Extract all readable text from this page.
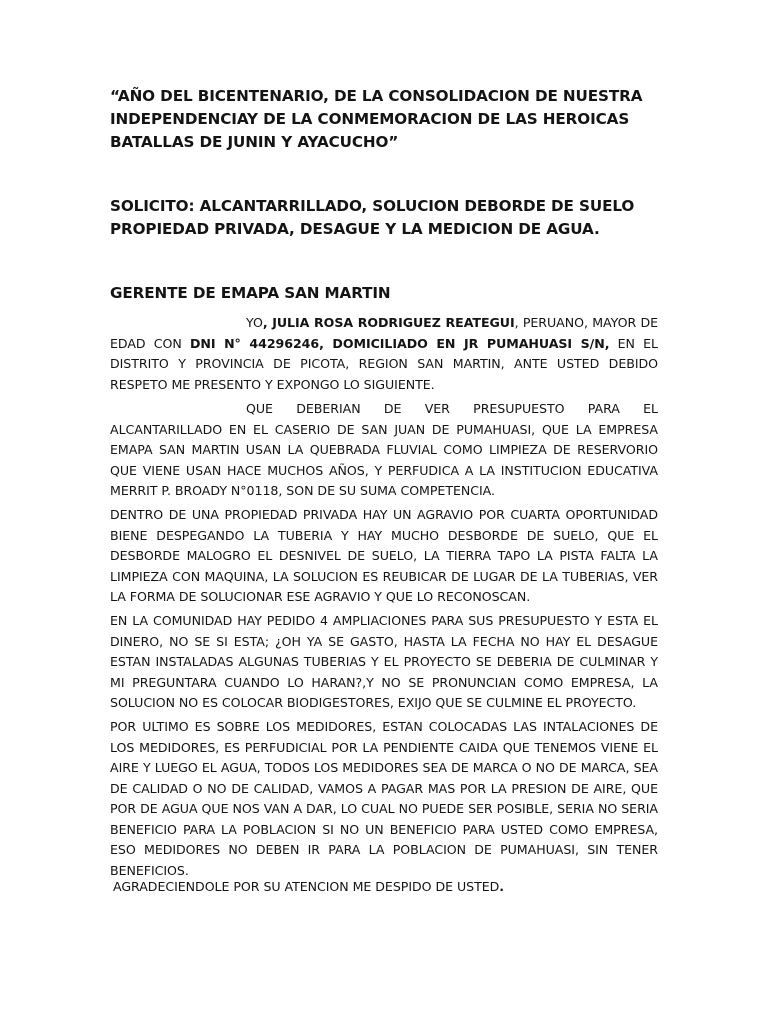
“AÑO DEL BICENTENARIO, DE LA CONSOLIDACION DE NUESTRA INDEPENDENCIAY DE LA CONMEMORACION DE LAS HEROICAS BATALLAS DE JUNIN Y AYACUCHO”

SOLICITO: ALCANTARRILLADO, SOLUCION DEBORDE DE SUELO PROPIEDAD PRIVADA, DESAGUE Y LA MEDICION DE AGUA.

GERENTE DE EMAPA SAN MARTIN

YO, JULIA ROSA RODRIGUEZ REATEGUI, PERUANO, MAYOR DE EDAD CON DNI N° 44296246, DOMICILIADO EN JR PUMAHUASI S/N, EN EL DISTRITO Y PROVINCIA DE PICOTA, REGION SAN MARTIN, ANTE USTED DEBIDO RESPETO ME PRESENTO Y EXPONGO LO SIGUIENTE.

QUE DEBERIAN DE VER PRESUPUESTO PARA EL ALCANTARILLADO EN EL CASERIO DE SAN JUAN DE PUMAHUASI, QUE LA EMPRESA EMAPA SAN MARTIN USAN LA QUEBRADA FLUVIAL COMO LIMPIEZA DE RESERVORIO QUE VIENE USAN HACE MUCHOS AÑOS, Y PERFUDICA A LA INSTITUCION EDUCATIVA MERRIT P. BROADY N°0118, SON DE SU SUMA COMPETENCIA.

DENTRO DE UNA PROPIEDAD PRIVADA HAY UN AGRAVIO POR CUARTA OPORTUNIDAD BIENE DESPEGANDO LA TUBERIA Y HAY MUCHO DESBORDE DE SUELO, QUE EL DESBORDE MALOGRO EL DESNIVEL DE SUELO, LA TIERRA TAPO LA PISTA FALTA LA LIMPIEZA CON MAQUINA, LA SOLUCION ES REUBICAR DE LUGAR DE LA TUBERIAS, VER LA FORMA DE SOLUCIONAR ESE AGRAVIO Y QUE LO RECONOSCAN.

EN LA COMUNIDAD HAY PEDIDO 4 AMPLIACIONES PARA SUS PRESUPUESTO Y ESTA EL DINERO, NO SE SI ESTA; ¿OH YA SE GASTO, HASTA LA FECHA NO HAY EL DESAGUE ESTAN INSTALADAS ALGUNAS TUBERIAS Y EL PROYECTO SE DEBERIA DE CULMINAR Y MI PREGUNTARA CUANDO LO HARAN?,Y NO SE PRONUNCIAN COMO EMPRESA, LA SOLUCION NO ES COLOCAR BIODIGESTORES, EXIJO QUE SE CULMINE EL PROYECTO.

POR ULTIMO ES SOBRE LOS MEDIDORES, ESTAN COLOCADAS LAS INTALACIONES DE LOS MEDIDORES, ES PERFUDICIAL POR LA PENDIENTE CAIDA QUE TENEMOS VIENE EL AIRE Y LUEGO EL AGUA, TODOS LOS MEDIDORES SEA DE MARCA O NO DE MARCA, SEA DE CALIDAD O NO DE CALIDAD, VAMOS A PAGAR MAS POR LA PRESION DE AIRE, QUE POR DE AGUA QUE NOS VAN A DAR, LO CUAL NO PUEDE SER POSIBLE, SERIA NO SERIA BENEFICIO PARA LA POBLACION SI NO UN BENEFICIO PARA USTED COMO EMPRESA, ESO MEDIDORES NO DEBEN IR PARA LA POBLACION DE PUMAHUASI, SIN TENER BENEFICIOS.

AGRADECIENDOLE POR SU ATENCION ME DESPIDO DE USTED.
